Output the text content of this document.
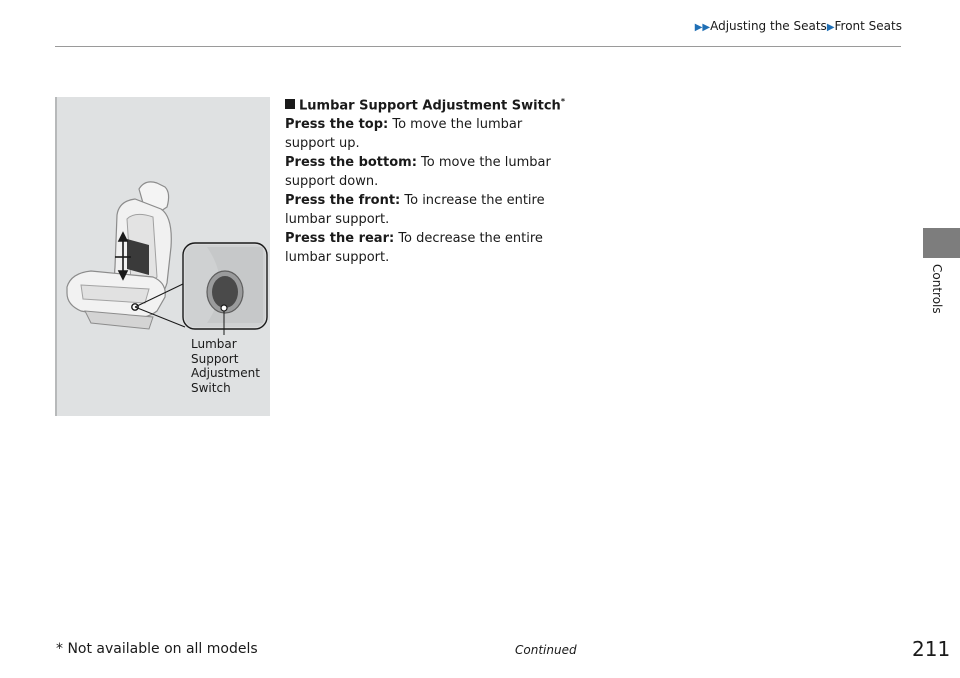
▶▶Adjusting the Seats▶Front Seats
Controls
Lumbar
Support
Adjustment
Switch

Lumbar Support Adjustment Switch*

Press the top: To move the lumbar support up.

Press the bottom: To move the lumbar support down.

Press the front: To increase the entire lumbar support.

Press the rear: To decrease the entire lumbar support.

* Not available on all models	Continued	211
